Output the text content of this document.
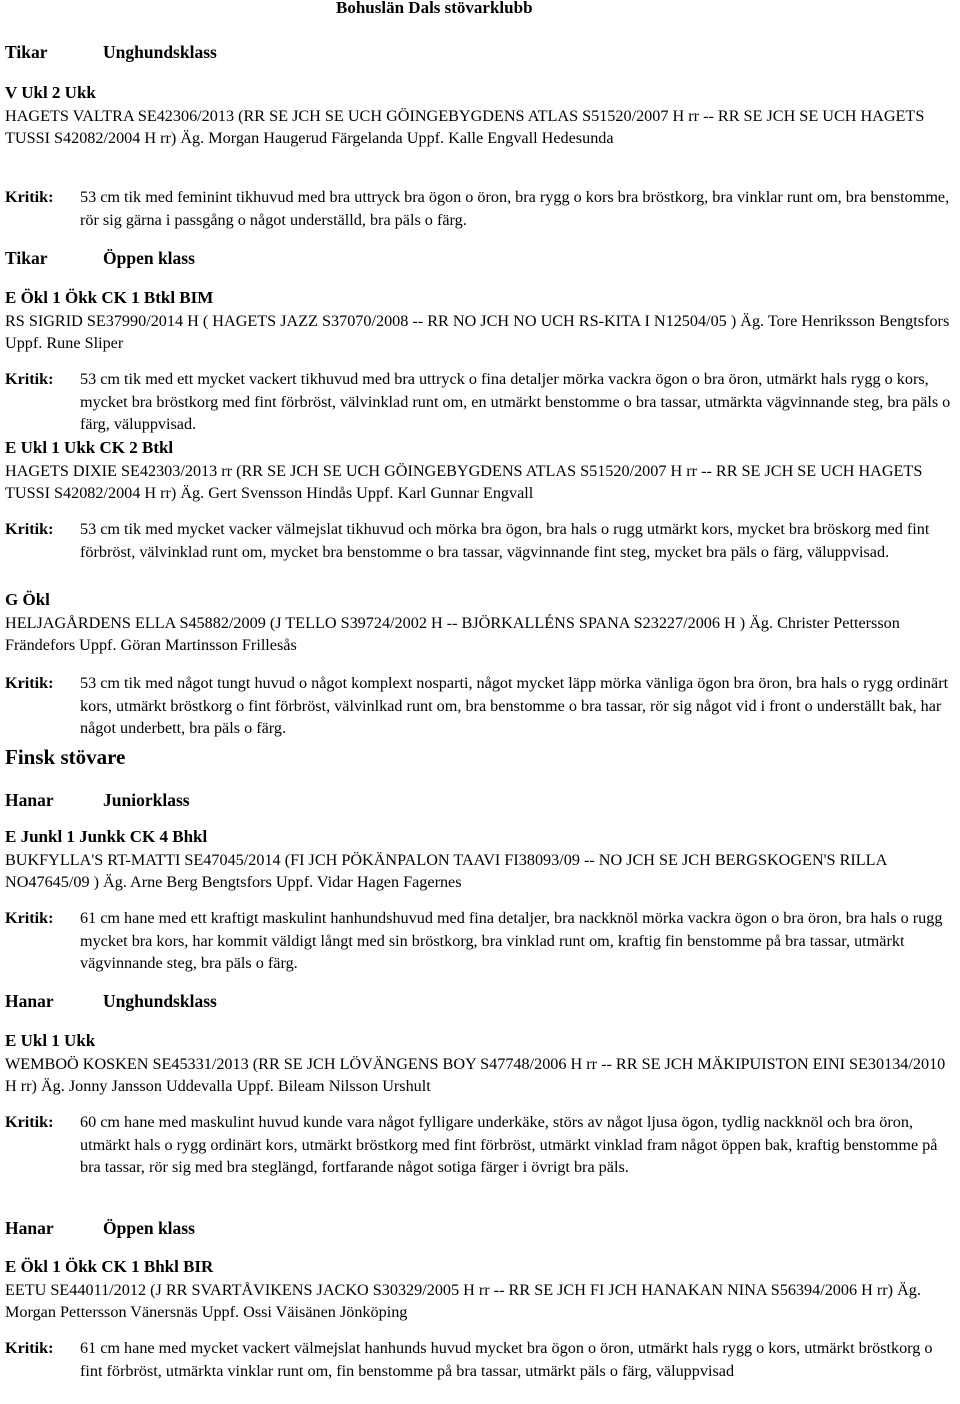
Bohuslän Dals stövarklubb
Tikar	Unghundsklass
V Ukl 2 Ukk
HAGETS VALTRA SE42306/2013 (RR SE JCH SE UCH GÖINGEBYGDENS ATLAS S51520/2007 H rr -- RR SE JCH SE UCH HAGETS TUSSI S42082/2004 H rr) Äg. Morgan Haugerud Färgelanda Uppf. Kalle Engvall Hedesunda
Kritik: 53 cm tik med feminint tikhuvud med bra uttryck bra ögon o öron, bra rygg o kors bra bröstkorg, bra vinklar runt om, bra benstomme, rör sig gärna i passgång o något underställd, bra päls o färg.
Tikar	Öppen klass
E Ökl 1 Ökk CK 1 Btkl BIM
RS SIGRID SE37990/2014 H ( HAGETS JAZZ S37070/2008 -- RR NO JCH NO UCH RS-KITA I N12504/05 ) Äg. Tore Henriksson Bengtsfors Uppf. Rune Sliper
Kritik: 53 cm tik med ett mycket vackert tikhuvud med bra uttryck o fina detaljer mörka vackra ögon o bra öron, utmärkt hals rygg o kors, mycket bra bröstkorg med fint förbröst, välvinklad runt om, en utmärkt benstomme o bra tassar, utmärkta vägvinnande steg, bra päls o färg, väluppvisad.
E Ukl 1 Ukk CK 2 Btkl
HAGETS DIXIE SE42303/2013 rr (RR SE JCH SE UCH GÖINGEBYGDENS ATLAS S51520/2007 H rr -- RR SE JCH SE UCH HAGETS TUSSI S42082/2004 H rr) Äg. Gert Svensson Hindås Uppf. Karl Gunnar Engvall
Kritik: 53 cm tik med mycket vacker välmejslat tikhuvud och mörka bra ögon, bra hals o rugg utmärkt kors, mycket bra bröskorg med fint förbröst, välvinklad runt om, mycket bra benstomme o bra tassar, vägvinnande fint steg, mycket bra päls o färg, väluppvisad.
G Ökl
HELJAGÅRDENS ELLA S45882/2009 (J TELLO S39724/2002 H -- BJÖRKALLÉNS SPANA S23227/2006 H ) Äg. Christer Pettersson Frändefors Uppf. Göran Martinsson Frillesås
Kritik: 53 cm tik med något tungt huvud o något komplext nosparti, något mycket läpp mörka vänliga ögon bra öron, bra hals o rygg ordinärt kors, utmärkt bröstkorg o fint förbröst, välvinlkad runt om, bra benstomme o bra tassar, rör sig något vid i front o underställt bak, har något underbett, bra päls o färg.
Finsk stövare
Hanar	Juniorklass
E Junkl 1 Junkk CK 4 Bhkl
BUKFYLLA'S RT-MATTI SE47045/2014 (FI JCH PÖKÄNPALON TAAVI FI38093/09 -- NO JCH SE JCH BERGSKOGEN'S RILLA NO47645/09 ) Äg. Arne Berg Bengtsfors Uppf. Vidar Hagen Fagernes
Kritik: 61 cm hane med ett kraftigt maskulint hanhundshuvud med fina detaljer, bra nackknöl mörka vackra ögon o bra öron, bra hals o rugg mycket bra kors, har kommit väldigt långt med sin bröstkorg, bra vinklad runt om, kraftig fin benstomme på bra tassar, utmärkt vägvinnande steg, bra päls o färg.
Hanar	Unghundsklass
E Ukl 1 Ukk
WEMBOÖ KOSKEN SE45331/2013 (RR SE JCH LÖVÄNGENS BOY S47748/2006 H rr -- RR SE JCH MÄKIPUISTON EINI SE30134/2010 H rr) Äg. Jonny Jansson Uddevalla Uppf. Bileam Nilsson Urshult
Kritik: 60 cm hane med maskulint huvud kunde vara något fylligare underkäke, störs av något ljusa ögon, tydlig nackknöl och bra öron, utmärkt hals o rygg ordinärt kors, utmärkt bröstkorg med fint förbröst, utmärkt vinklad fram något öppen bak, kraftig benstomme på bra tassar, rör sig med bra steglängd, fortfarande något sotiga färger i övrigt bra päls.
Hanar	Öppen klass
E Ökl 1 Ökk CK 1 Bhkl BIR
EETU SE44011/2012 (J RR SVARTÅVIKENS JACKO S30329/2005 H rr -- RR SE JCH FI JCH HANAKAN NINA S56394/2006 H rr) Äg. Morgan Pettersson Vänersnäs Uppf. Ossi Väisänen Jönköping
Kritik: 61 cm hane med mycket vackert välmejslat hanhunds huvud mycket bra ögon o öron, utmärkt hals rygg o kors, utmärkt bröstkorg o fint förbröst, utmärkta vinklar runt om, fin benstomme på bra tassar, utmärkt päls o färg, väluppvisad
